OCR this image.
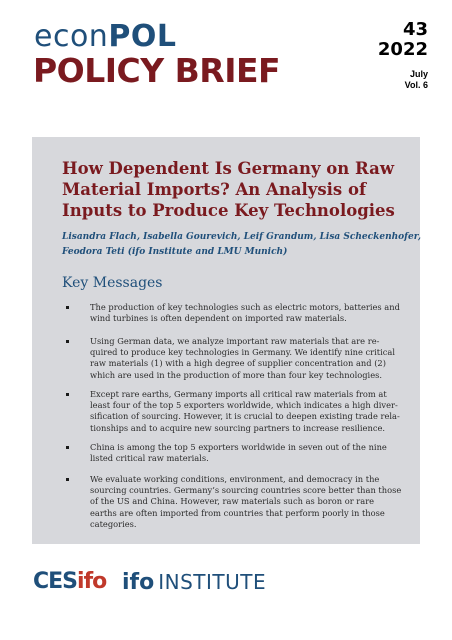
econPOL
POLICY BRIEF
43
2022
July
Vol. 6
How Dependent Is Germany on Raw
Material Imports? An Analysis of
Inputs to Produce Key Technologies
Lisandra Flach, Isabella Gourevich, Leif Grandum, Lisa Scheckenhofer,
Feodora Teti (ifo Institute and LMU Munich)
Key Messages
The production of key technologies such as electric motors, batteries and
wind turbines is often dependent on imported raw materials.
Using German data, we analyze important raw materials that are re-
quired to produce key technologies in Germany. We identify nine critical
raw materials (1) with a high degree of supplier concentration and (2)
which are used in the production of more than four key technologies.
Except rare earths, Germany imports all critical raw materials from at
least four of the top 5 exporters worldwide, which indicates a high diver-
sification of sourcing. However, it is crucial to deepen existing trade rela-
tionships and to acquire new sourcing partners to increase resilience.
China is among the top 5 exporters worldwide in seven out of the nine
listed critical raw materials.
We evaluate working conditions, environment, and democracy in the
sourcing countries. Germany’s sourcing countries score better than those
of the US and China. However, raw materials such as boron or rare
earths are often imported from countries that perform poorly in those
categories.
CESifo ifo INSTITUTE
